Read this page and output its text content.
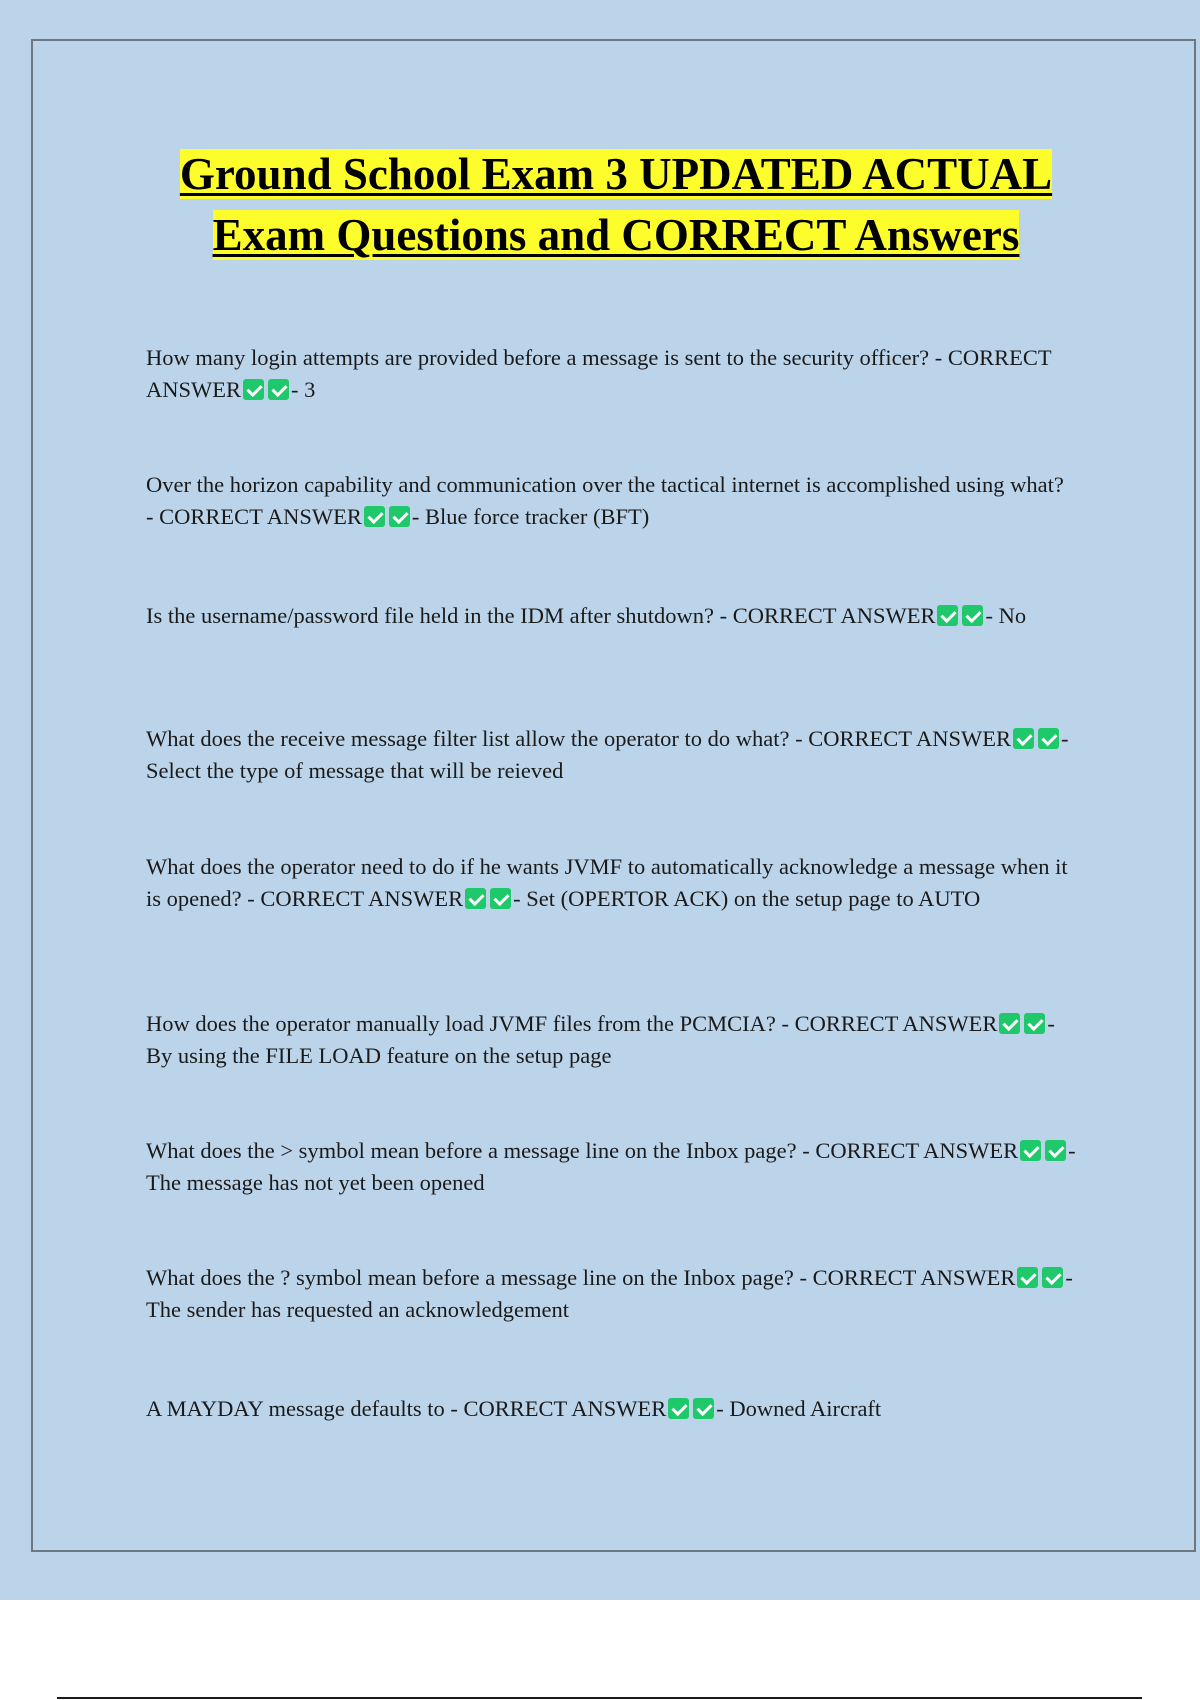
Ground School Exam 3 UPDATED ACTUAL Exam Questions and CORRECT Answers
How many login attempts are provided before a message is sent to the security officer? - CORRECT ANSWER - 3
Over the horizon capability and communication over the tactical internet is accomplished using what? - CORRECT ANSWER - Blue force tracker (BFT)
Is the username/password file held in the IDM after shutdown? - CORRECT ANSWER - No
What does the receive message filter list allow the operator to do what? - CORRECT ANSWER - Select the type of message that will be reieved
What does the operator need to do if he wants JVMF to automatically acknowledge a message when it is opened? - CORRECT ANSWER - Set (OPERTOR ACK) on the setup page to AUTO
How does the operator manually load JVMF files from the PCMCIA? - CORRECT ANSWER - By using the FILE LOAD feature on the setup page
What does the > symbol mean before a message line on the Inbox page? - CORRECT ANSWER - The message has not yet been opened
What does the ? symbol mean before a message line on the Inbox page? - CORRECT ANSWER - The sender has requested an acknowledgement
A MAYDAY message defaults to - CORRECT ANSWER - Downed Aircraft
